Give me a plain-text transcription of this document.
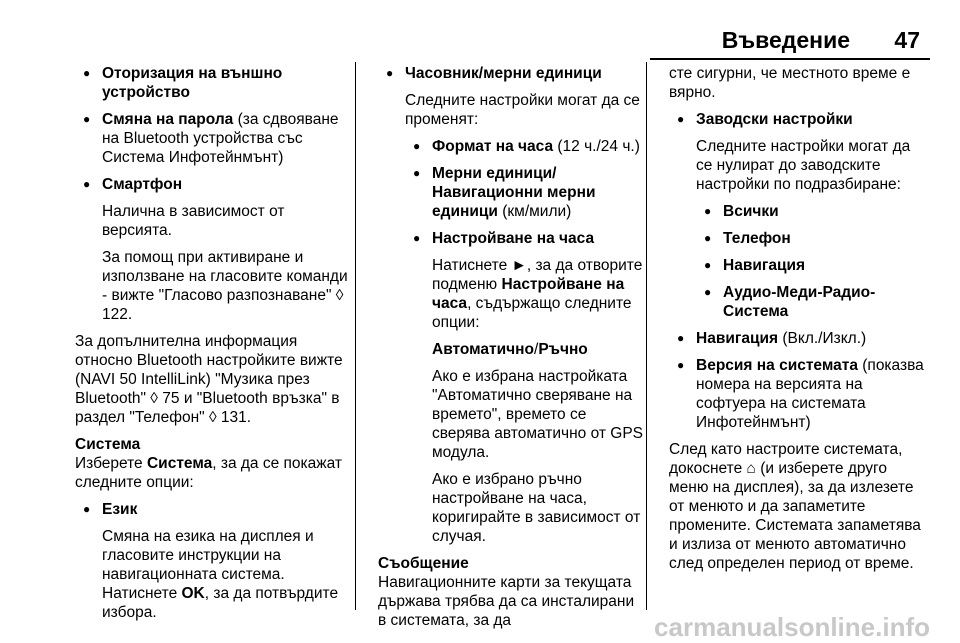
Въведение 47
● Оторизация на външно устройство
● Смяна на парола (за сдвояване на Bluetooth устройства със Система Инфотейнмънт)

● Смартфон

Налична в зависимост от версията.

За помощ при активиране и използване на гласовите команди - вижте "Гласово разпознаване" ◊ 122.

За допълнителна информация относно Bluetooth настройките вижте (NAVI 50 IntelliLink) "Музика през Bluetooth" ◊ 75 и "Bluetooth връзка" в раздел "Телефон" ◊ 131.

Система

Изберете Система, за да се покажат следните опции:

● Език

Смяна на езика на дисплея и гласовите инструкции на навигационната система. Натиснете OK, за да потвърдите избора.

● Часовник/мерни единици

Следните настройки могат да се променят:

● Формат на часа (12 ч./24 ч.)
● Мерни единици/ Навигационни мерни единици (км/мили)

● Настройване на часа

Натиснете ►, за да отворите подменю Настройване на часа, съдържащо следните опции:

Автоматично/Ръчно

Ако е избрана настройката "Автоматично сверяване на времето", времето се сверява автоматично от GPS модула.

Ако е избрано ръчно настройване на часа, коригирайте в зависимост от случая.

Съобщение

Навигационните карти за текущата държава трябва да са инсталирани в системата, за да

сте сигурни, че местното време е вярно.

● Заводски настройки

Следните настройки могат да се нулират до заводските настройки по подразбиране:

● Всички
● Телефон
● Навигация
● Аудио-Меди-Радио-Система
● Навигация (Вкл./Изкл.)
● Версия на системата (показва номера на версията на софтуера на системата Инфотейнмънт)

След като настроите системата, докоснете ⌂ (и изберете друго меню на дисплея), за да излезете от менюто и да запаметите промените. Системата запаметява и излиза от менюто автоматично след определен период от време.

carmanualsonline.info
